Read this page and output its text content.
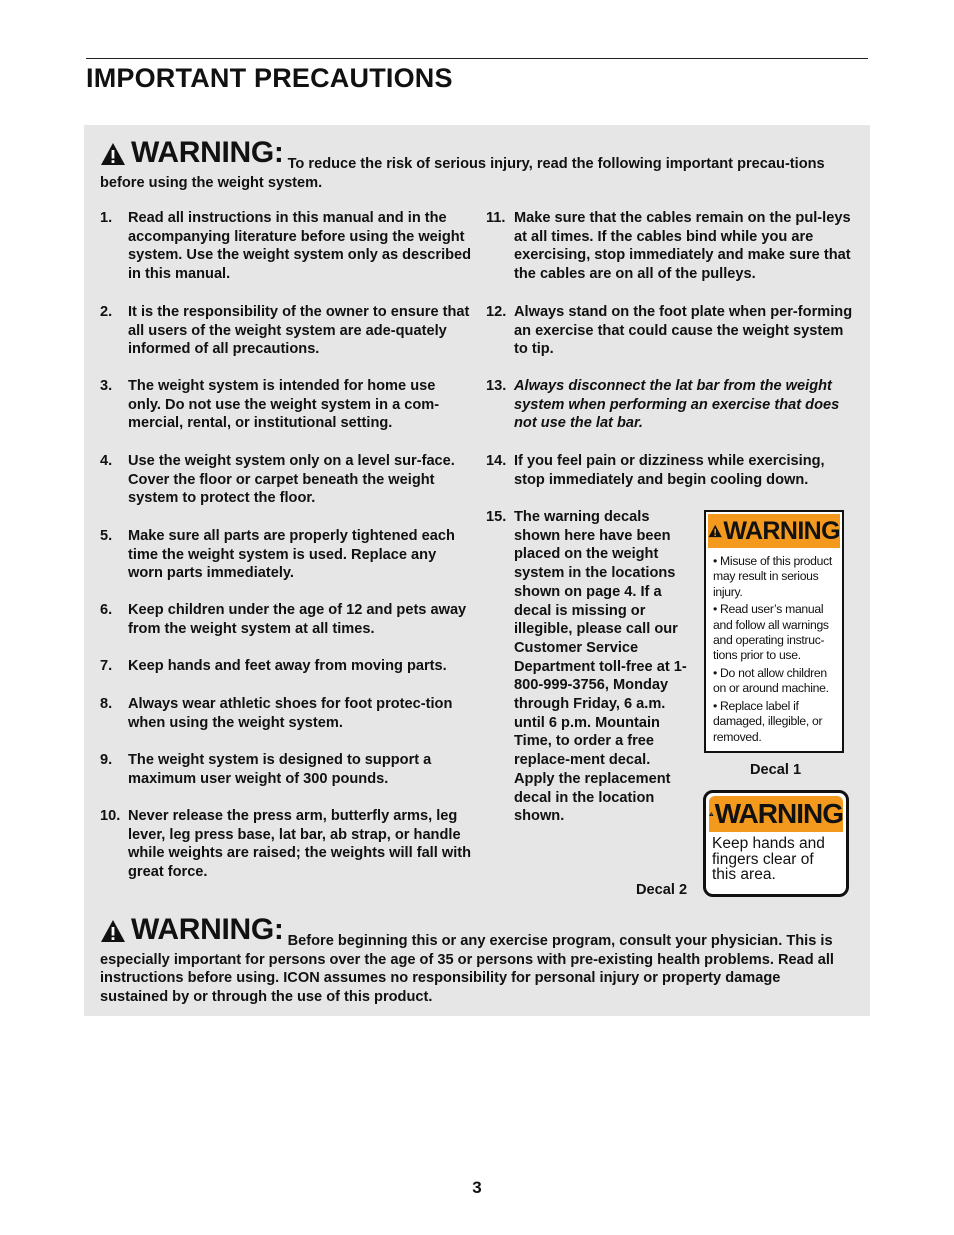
IMPORTANT PRECAUTIONS
WARNING: To reduce the risk of serious injury, read the following important precau-tions before using the weight system.
1. Read all instructions in this manual and in the accompanying literature before using the weight system. Use the weight system only as described in this manual.
2. It is the responsibility of the owner to ensure that all users of the weight system are ade-quately informed of all precautions.
3. The weight system is intended for home use only. Do not use the weight system in a com-mercial, rental, or institutional setting.
4. Use the weight system only on a level sur-face. Cover the floor or carpet beneath the weight system to protect the floor.
5. Make sure all parts are properly tightened each time the weight system is used. Replace any worn parts immediately.
6. Keep children under the age of 12 and pets away from the weight system at all times.
7. Keep hands and feet away from moving parts.
8. Always wear athletic shoes for foot protec-tion when using the weight system.
9. The weight system is designed to support a maximum user weight of 300 pounds.
10. Never release the press arm, butterfly arms, leg lever, leg press base, lat bar, ab strap, or handle while weights are raised; the weights will fall with great force.
11. Make sure that the cables remain on the pul-leys at all times. If the cables bind while you are exercising, stop immediately and make sure that the cables are on all of the pulleys.
12. Always stand on the foot plate when per-forming an exercise that could cause the weight system to tip.
13. Always disconnect the lat bar from the weight system when performing an exercise that does not use the lat bar.
14. If you feel pain or dizziness while exercising, stop immediately and begin cooling down.
15. The warning decals shown here have been placed on the weight system in the locations shown on page 4. If a decal is missing or illegible, please call our Customer Service Department toll-free at 1-800-999-3756, Monday through Friday, 6 a.m. until 6 p.m. Mountain Time, to order a free replace-ment decal. Apply the replacement decal in the location shown.
WARNING

• Misuse of this product may result in serious injury.

• Read user’s manual and follow all warnings and operating instruc-tions prior to use.

• Do not allow children on or around machine.

• Replace label if damaged, illegible, or removed.

Decal 1
WARNING
Keep hands and fingers clear of this area.
Decal 2
WARNING: Before beginning this or any exercise program, consult your physician. This is especially important for persons over the age of 35 or persons with pre-existing health problems. Read all instructions before using. ICON assumes no responsibility for personal injury or property damage sustained by or through the use of this product.
3
